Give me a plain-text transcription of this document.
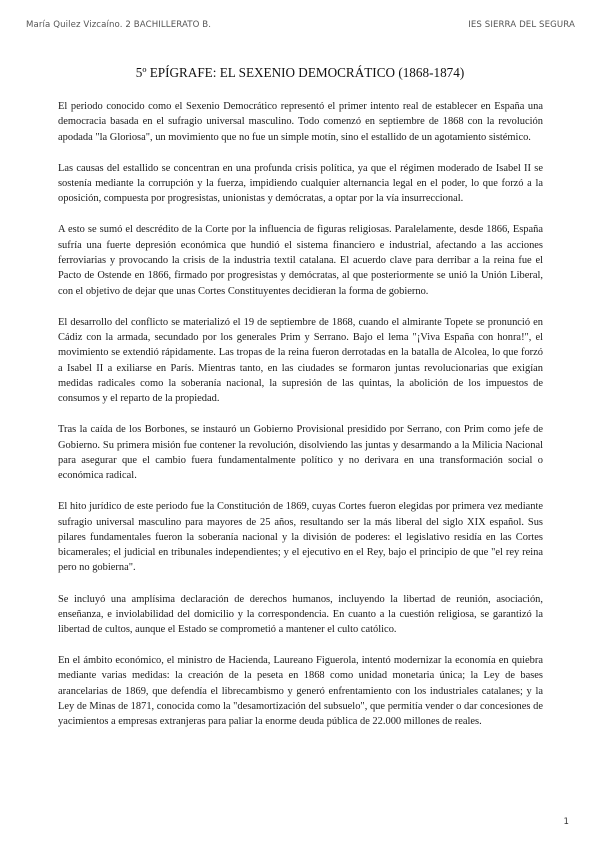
María Quilez Vizcaíno. 2 BACHILLERATO B.	IES SIERRA DEL SEGURA
5º EPÍGRAFE: EL SEXENIO DEMOCRÁTICO (1868-1874)

El periodo conocido como el Sexenio Democrático representó el primer intento real de establecer en España una democracia basada en el sufragio universal masculino. Todo comenzó en septiembre de 1868 con la revolución apodada "la Gloriosa", un movimiento que no fue un simple motín, sino el estallido de un agotamiento sistémico.

Las causas del estallido se concentran en una profunda crisis política, ya que el régimen moderado de Isabel II se sostenía mediante la corrupción y la fuerza, impidiendo cualquier alternancia legal en el poder, lo que forzó a la oposición, compuesta por progresistas, unionistas y demócratas, a optar por la vía insurreccional.

A esto se sumó el descrédito de la Corte por la influencia de figuras religiosas. Paralelamente, desde 1866, España sufría una fuerte depresión económica que hundió el sistema financiero e industrial, afectando a las acciones ferroviarias y provocando la crisis de la industria textil catalana. El acuerdo clave para derribar a la reina fue el Pacto de Ostende en 1866, firmado por progresistas y demócratas, al que posteriormente se unió la Unión Liberal, con el objetivo de dejar que unas Cortes Constituyentes decidieran la forma de gobierno.

El desarrollo del conflicto se materializó el 19 de septiembre de 1868, cuando el almirante Topete se pronunció en Cádiz con la armada, secundado por los generales Prim y Serrano. Bajo el lema "¡Viva España con honra!", el movimiento se extendió rápidamente. Las tropas de la reina fueron derrotadas en la batalla de Alcolea, lo que forzó a Isabel II a exiliarse en París. Mientras tanto, en las ciudades se formaron juntas revolucionarias que exigían medidas radicales como la soberanía nacional, la supresión de las quintas, la abolición de los impuestos de consumos y el reparto de la propiedad.

Tras la caída de los Borbones, se instauró un Gobierno Provisional presidido por Serrano, con Prim como jefe de Gobierno. Su primera misión fue contener la revolución, disolviendo las juntas y desarmando a la Milicia Nacional para asegurar que el cambio fuera fundamentalmente político y no derivara en una transformación social o económica radical.

El hito jurídico de este periodo fue la Constitución de 1869, cuyas Cortes fueron elegidas por primera vez mediante sufragio universal masculino para mayores de 25 años, resultando ser la más liberal del siglo XIX español. Sus pilares fundamentales fueron la soberanía nacional y la división de poderes: el legislativo residía en las Cortes bicamerales; el judicial en tribunales independientes; y el ejecutivo en el Rey, bajo el principio de que "el rey reina pero no gobierna".

Se incluyó una amplísima declaración de derechos humanos, incluyendo la libertad de reunión, asociación, enseñanza, e inviolabilidad del domicilio y la correspondencia. En cuanto a la cuestión religiosa, se garantizó la libertad de cultos, aunque el Estado se comprometió a mantener el culto católico.

En el ámbito económico, el ministro de Hacienda, Laureano Figuerola, intentó modernizar la economía en quiebra mediante varias medidas: la creación de la peseta en 1868 como unidad monetaria única; la Ley de bases arancelarias de 1869, que defendía el librecambismo y generó enfrentamiento con los industriales catalanes; y la Ley de Minas de 1871, conocida como la "desamortización del subsuelo", que permitía vender o dar concesiones de yacimientos a empresas extranjeras para paliar la enorme deuda pública de 22.000 millones de reales.

1
